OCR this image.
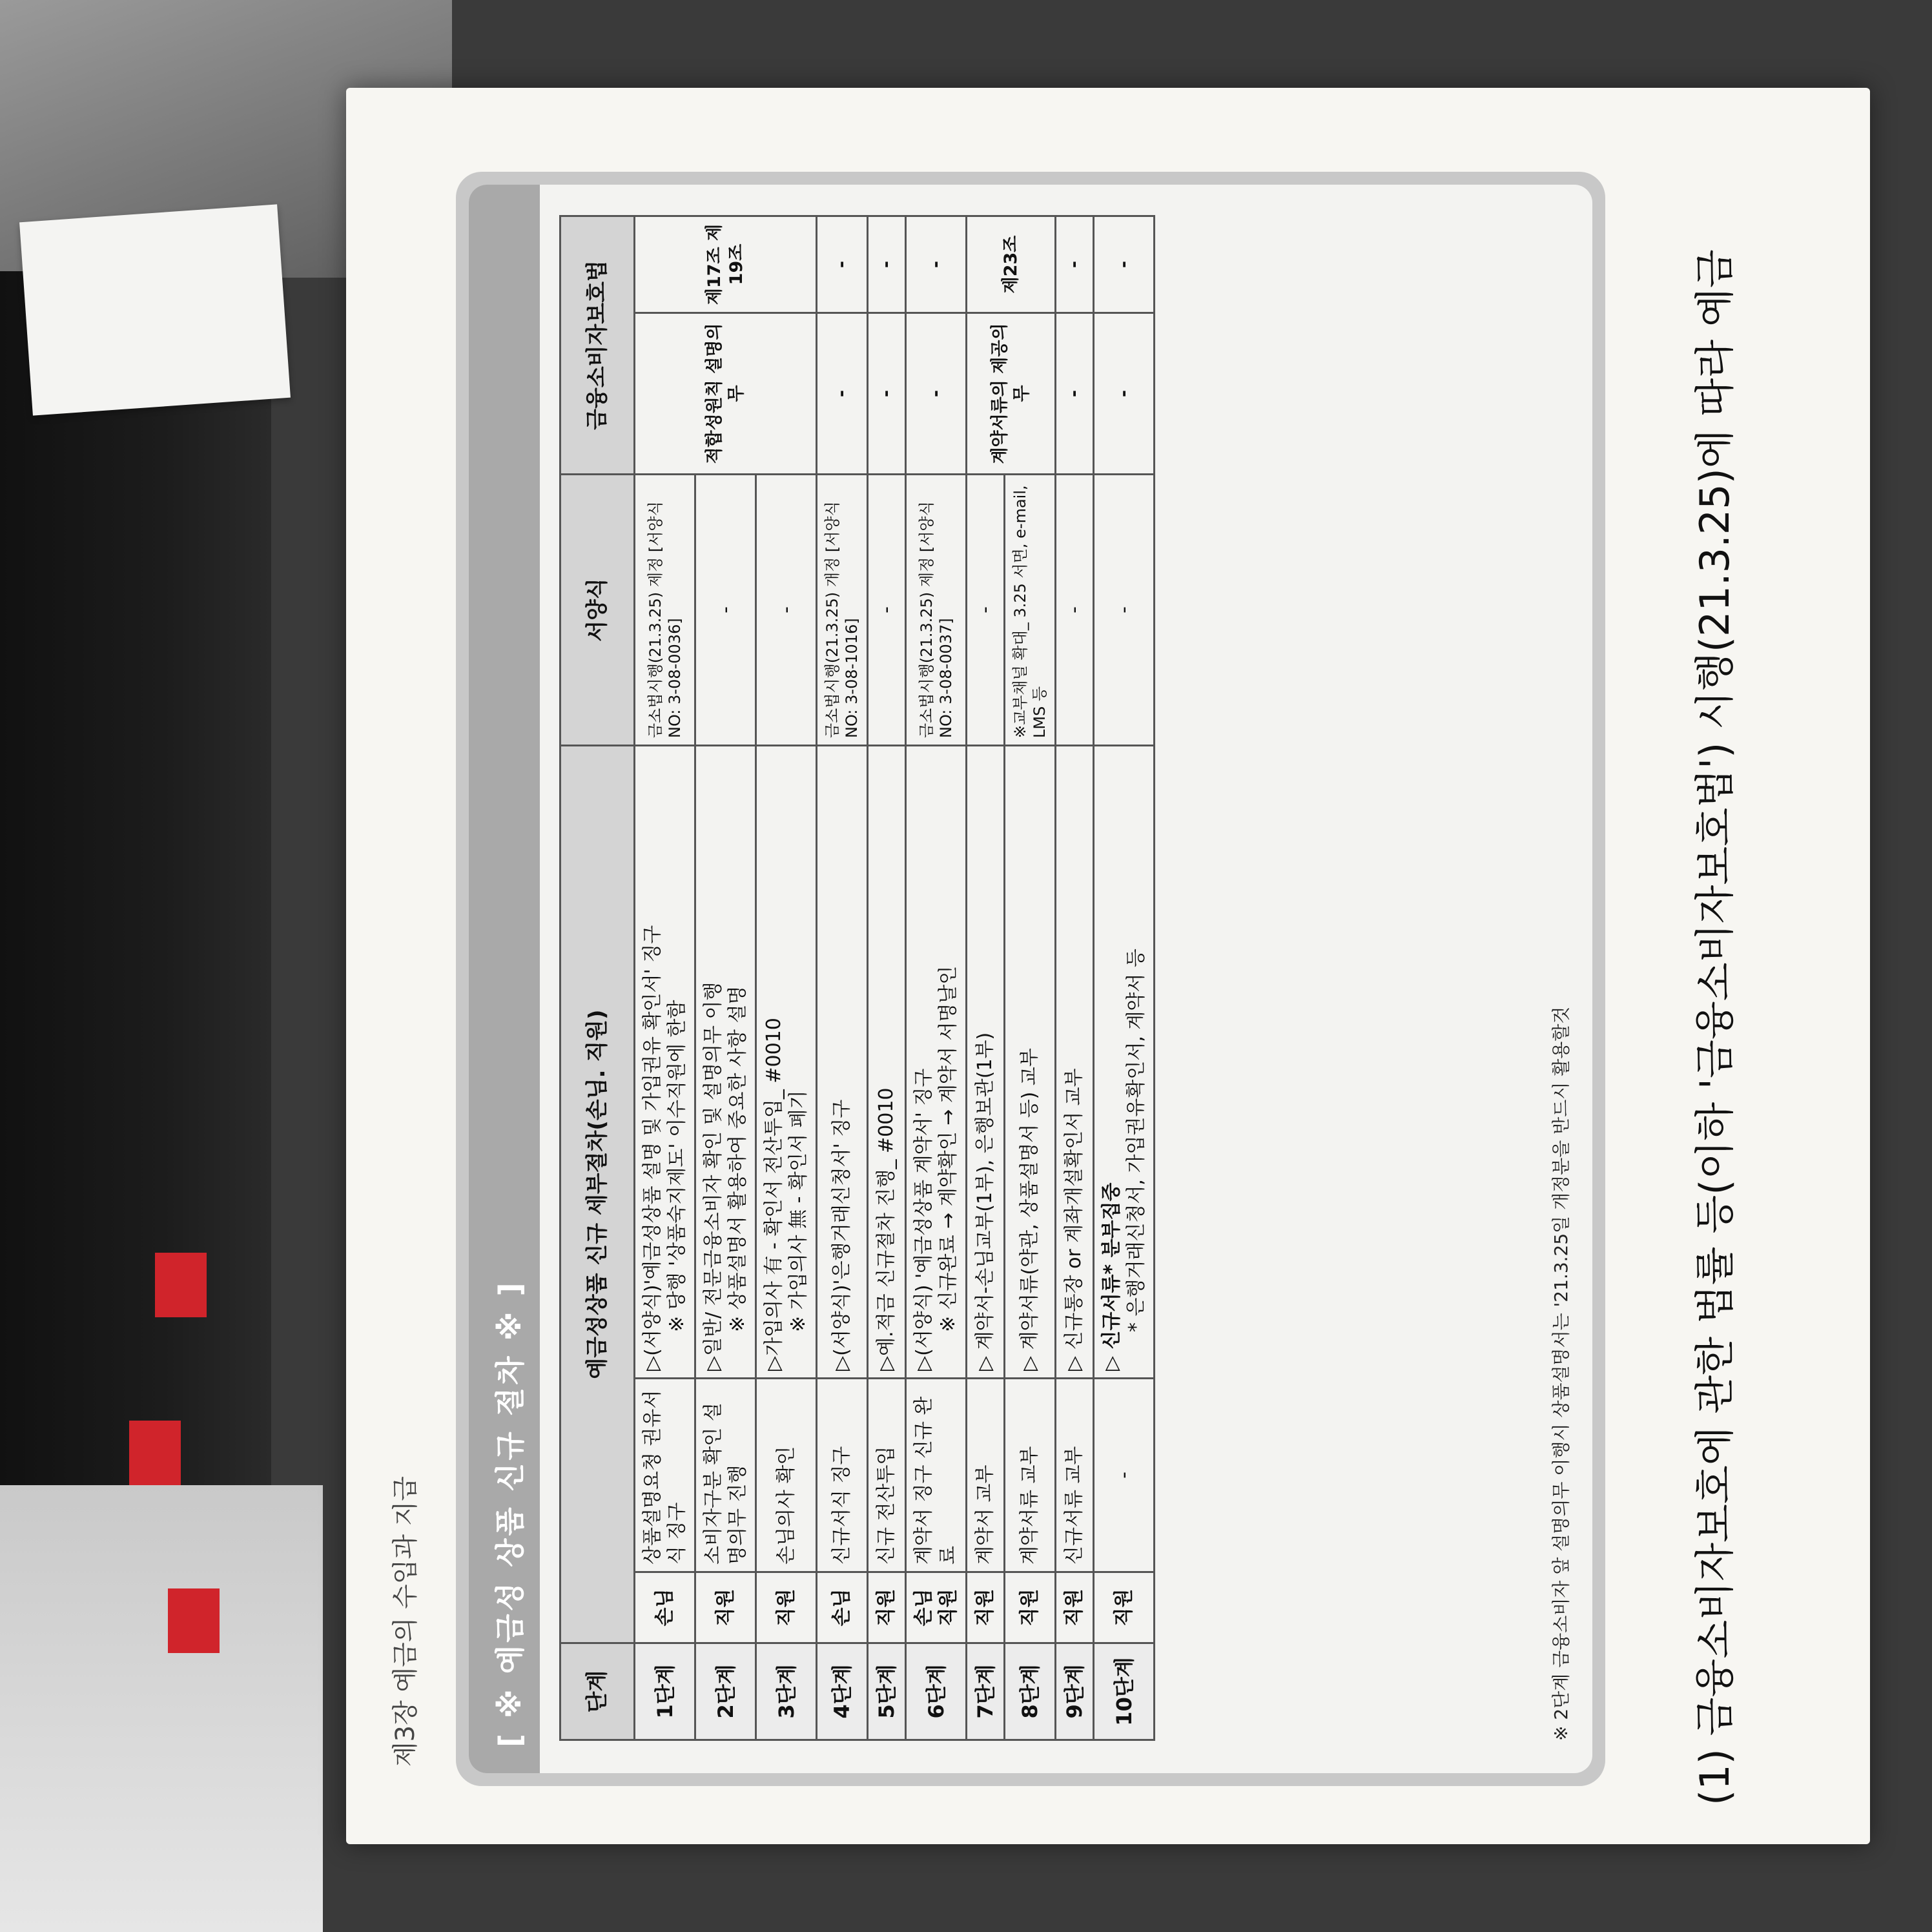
제3장 예금의 수입과 지급 [ ※ 예금성 상품 신규 절차 ※ ]	단계	예금성상품 신규 세부절차(손님. 직원)			서양식	금융소비자보호법	
1단계	손님	상품설명요청 권유서식 징구	▷(서양식)'예금성상품 설명 및 가입권유 확인서' 징구 ※ 당행 '상품숙지제도' 이수직원에 한함	금소법시행(21.3.25) 제정 [서양식NO: 3-08-0036]	적합성원칙 설명의무	제17조 제19조
2단계	직원	소비자구분 확인 설명의무 진행	▷일반/ 전문금융소비자 확인 및 설명의무 이행 ※ 상품설명서 활용하여 중요한 사항 설명	-		
3단계	직원	손님의사 확인	▷가입의사 有 - 확인서 전산투입_ #0010 ※ 가입의사 無 - 확인서 폐기	-		
4단계	손님	신규서식 징구	▷(서양식)'은행거래신청서' 징구	금소법시행(21.3.25) 개정 [서양식NO: 3-08-1016]	-	-
5단계	직원	신규 전산투입	▷예.적금 신규절차 진행_ #0010	-	-	-
6단계	손님 직원	계약서 징구 신규 완료	▷(서양식) '예금성상품 계약서' 징구 ※ 신규완료 → 계약확인 → 계약서 서명날인	금소법시행(21.3.25) 제정 [서양식NO: 3-08-0037]	-	-
7단계	직원	계약서 교부	▷ 계약서-손님교부(1부), 은행보관(1부)	-	계약서류의 제공의무	제23조
8단계	직원	계약서류 교부	▷ 계약서류(약관, 상품설명서 등) 교부	※교부채널 확대_ 3.25 서면, e-mail, LMS 등		
9단계	직원	신규서류 교부	▷ 신규통장 or 계좌개설확인서 교부	-	-	-
10단계	직원	-	▷ 신규서류* 분부집중 * 은행거래신청서, 가입권유확인서, 계약서 등	-	-	-
※ 2단계 금융소비자 앞 설명의무 이행시 상품설명서는 '21.3.25일 개정분을 반드시 활용할것	(1) 금융소비자보호에 관한 법률 등(이하 '금융소비자보호법') 시행(21.3.25)에 따라 예금
